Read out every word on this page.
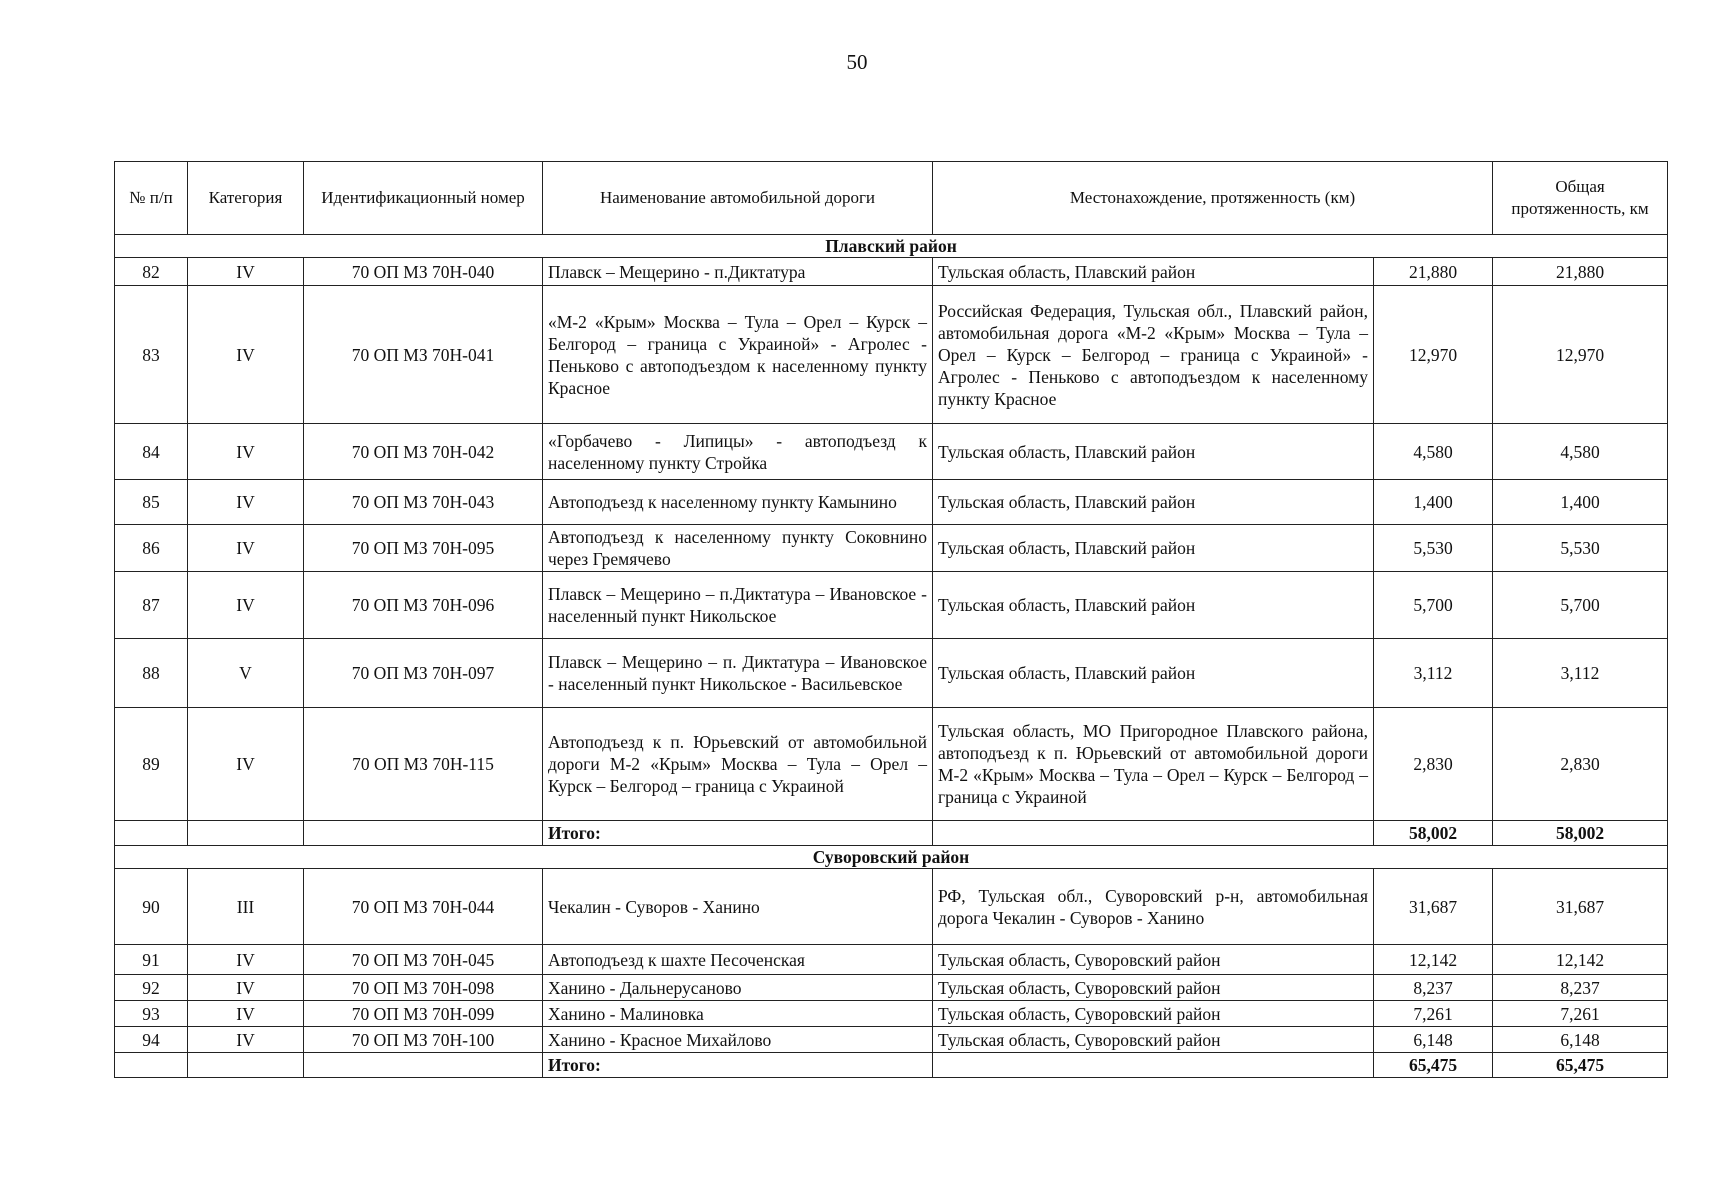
50
№ п/п	Категория	Идентификационный номер	Наименование автомобильной дороги	Местонахождение, протяженность (км)		Общая протяженность, км
Плавский район						
82	IV	70 ОП МЗ 70Н-040	Плавск – Мещерино - п.Диктатура	Тульская область, Плавский район	21,880	21,880
83	IV	70 ОП МЗ 70Н-041	«М-2 «Крым» Москва – Тула – Орел – Курск – Белгород – граница с Украиной» - Агролес - Пеньково с автоподъездом к населенному пункту Красное	Российская Федерация, Тульская обл., Плавский район, автомобильная дорога «М-2 «Крым» Москва – Тула – Орел – Курск – Белгород – граница с Украиной» - Агролес - Пеньково с автоподъездом к населенному пункту Красное	12,970	12,970
84	IV	70 ОП МЗ 70Н-042	«Горбачево - Липицы» - автоподъезд к населенному пункту Стройка	Тульская область, Плавский район	4,580	4,580
85	IV	70 ОП МЗ 70Н-043	Автоподъезд к населенному пункту Камынино	Тульская область, Плавский район	1,400	1,400
86	IV	70 ОП МЗ 70Н-095	Автоподъезд к населенному пункту Соковнино через Гремячево	Тульская область, Плавский район	5,530	5,530
87	IV	70 ОП МЗ 70Н-096	Плавск – Мещерино – п.Диктатура – Ивановское - населенный пункт Никольское	Тульская область, Плавский район	5,700	5,700
88	V	70 ОП МЗ 70Н-097	Плавск – Мещерино – п. Диктатура – Ивановское - населенный пункт Никольское - Васильевское	Тульская область, Плавский район	3,112	3,112
89	IV	70 ОП МЗ 70Н-115	Автоподъезд к п. Юрьевский от автомобильной дороги М-2 «Крым» Москва – Тула – Орел – Курск – Белгород – граница с Украиной	Тульская область, МО Пригородное Плавского района, автоподъезд к п. Юрьевский от автомобильной дороги М-2 «Крым» Москва – Тула – Орел – Курск – Белгород – граница с Украиной	2,830	2,830
			Итого:		58,002	58,002
Суворовский район						
90	III	70 ОП МЗ 70Н-044	Чекалин - Суворов - Ханино	РФ, Тульская обл., Суворовский р-н, автомобильная дорога Чекалин - Суворов - Ханино	31,687	31,687
91	IV	70 ОП МЗ 70Н-045	Автоподъезд к шахте Песоченская	Тульская область, Суворовский район	12,142	12,142
92	IV	70 ОП МЗ 70Н-098	Ханино - Дальнерусаново	Тульская область, Суворовский район	8,237	8,237
93	IV	70 ОП МЗ 70Н-099	Ханино - Малиновка	Тульская область, Суворовский район	7,261	7,261
94	IV	70 ОП МЗ 70Н-100	Ханино - Красное Михайлово	Тульская область, Суворовский район	6,148	6,148
			Итого:		65,475	65,475
